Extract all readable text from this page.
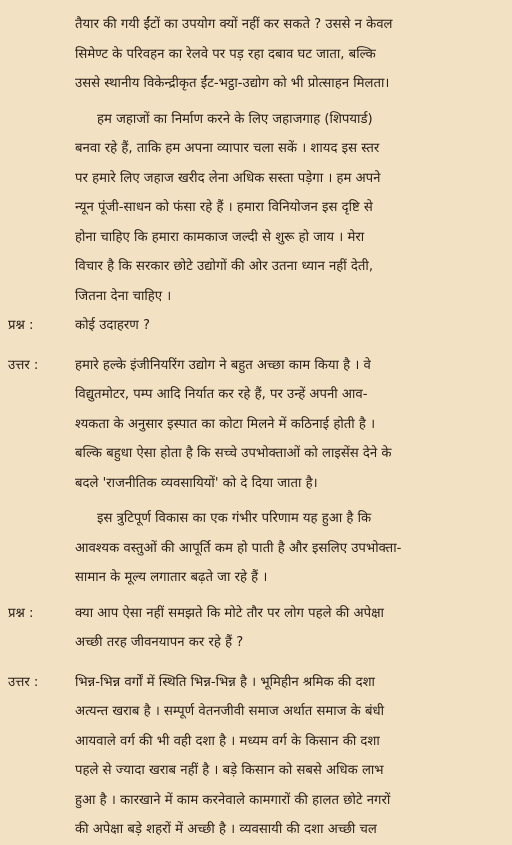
तैयार की गयी ईंटों का उपयोग क्यों नहीं कर सकते ? उससे न केवल
सिमेण्ट के परिवहन का रेलवे पर पड़ रहा दबाव घट जाता, बल्कि
उससे स्थानीय विकेन्द्रीकृत ईंट-भट्ठा-उद्योग को भी प्रोत्साहन मिलता।
हम जहाजों का निर्माण करने के लिए जहाजगाह (शिपयार्ड)
बनवा रहे हैं, ताकि हम अपना व्यापार चला सकें । शायद इस स्तर
पर हमारे लिए जहाज खरीद लेना अधिक सस्ता पड़ेगा । हम अपने
न्यून पूंजी-साधन को फंसा रहे हैं । हमारा विनियोजन इस दृष्टि से
होना चाहिए कि हमारा कामकाज जल्दी से शुरू हो जाय । मेरा
विचार है कि सरकार छोटे उद्योगों की ओर उतना ध्यान नहीं देती,
जितना देना चाहिए ।
प्रश्न :	कोई उदाहरण ?
उत्तर :	हमारे हल्के इंजीनियरिंग उद्योग ने बहुत अच्छा काम किया है । वे
विद्युतमोटर, पम्प आदि निर्यात कर रहे हैं, पर उन्हें अपनी आव-
श्यकता के अनुसार इस्पात का कोटा मिलने में कठिनाई होती है ।
बल्कि बहुधा ऐसा होता है कि सच्चे उपभोक्ताओं को लाइसेंस देने के
बदले 'राजनीतिक व्यवसायियों' को दे दिया जाता है।
इस त्रुटिपूर्ण विकास का एक गंभीर परिणाम यह हुआ है कि
आवश्यक वस्तुओं की आपूर्ति कम हो पाती है और इसलिए उपभोक्ता-
सामान के मूल्य लगातार बढ़ते जा रहे हैं ।
प्रश्न :	क्या आप ऐसा नहीं समझते कि मोटे तौर पर लोग पहले की अपेक्षा
अच्छी तरह जीवनयापन कर रहे हैं ?
उत्तर :	भिन्न-भिन्न वर्गों में स्थिति भिन्न-भिन्न है । भूमिहीन श्रमिक की दशा
अत्यन्त खराब है । सम्पूर्ण वेतनजीवी समाज अर्थात समाज के बंधी
आयवाले वर्ग की भी वही दशा है । मध्यम वर्ग के किसान की दशा
पहले से ज्यादा खराब नहीं है । बड़े किसान को सबसे अधिक लाभ
हुआ है । कारखाने में काम करनेवाले कामगारों की हालत छोटे नगरों
की अपेक्षा बड़े शहरों में अच्छी है । व्यवसायी की दशा अच्छी चल
